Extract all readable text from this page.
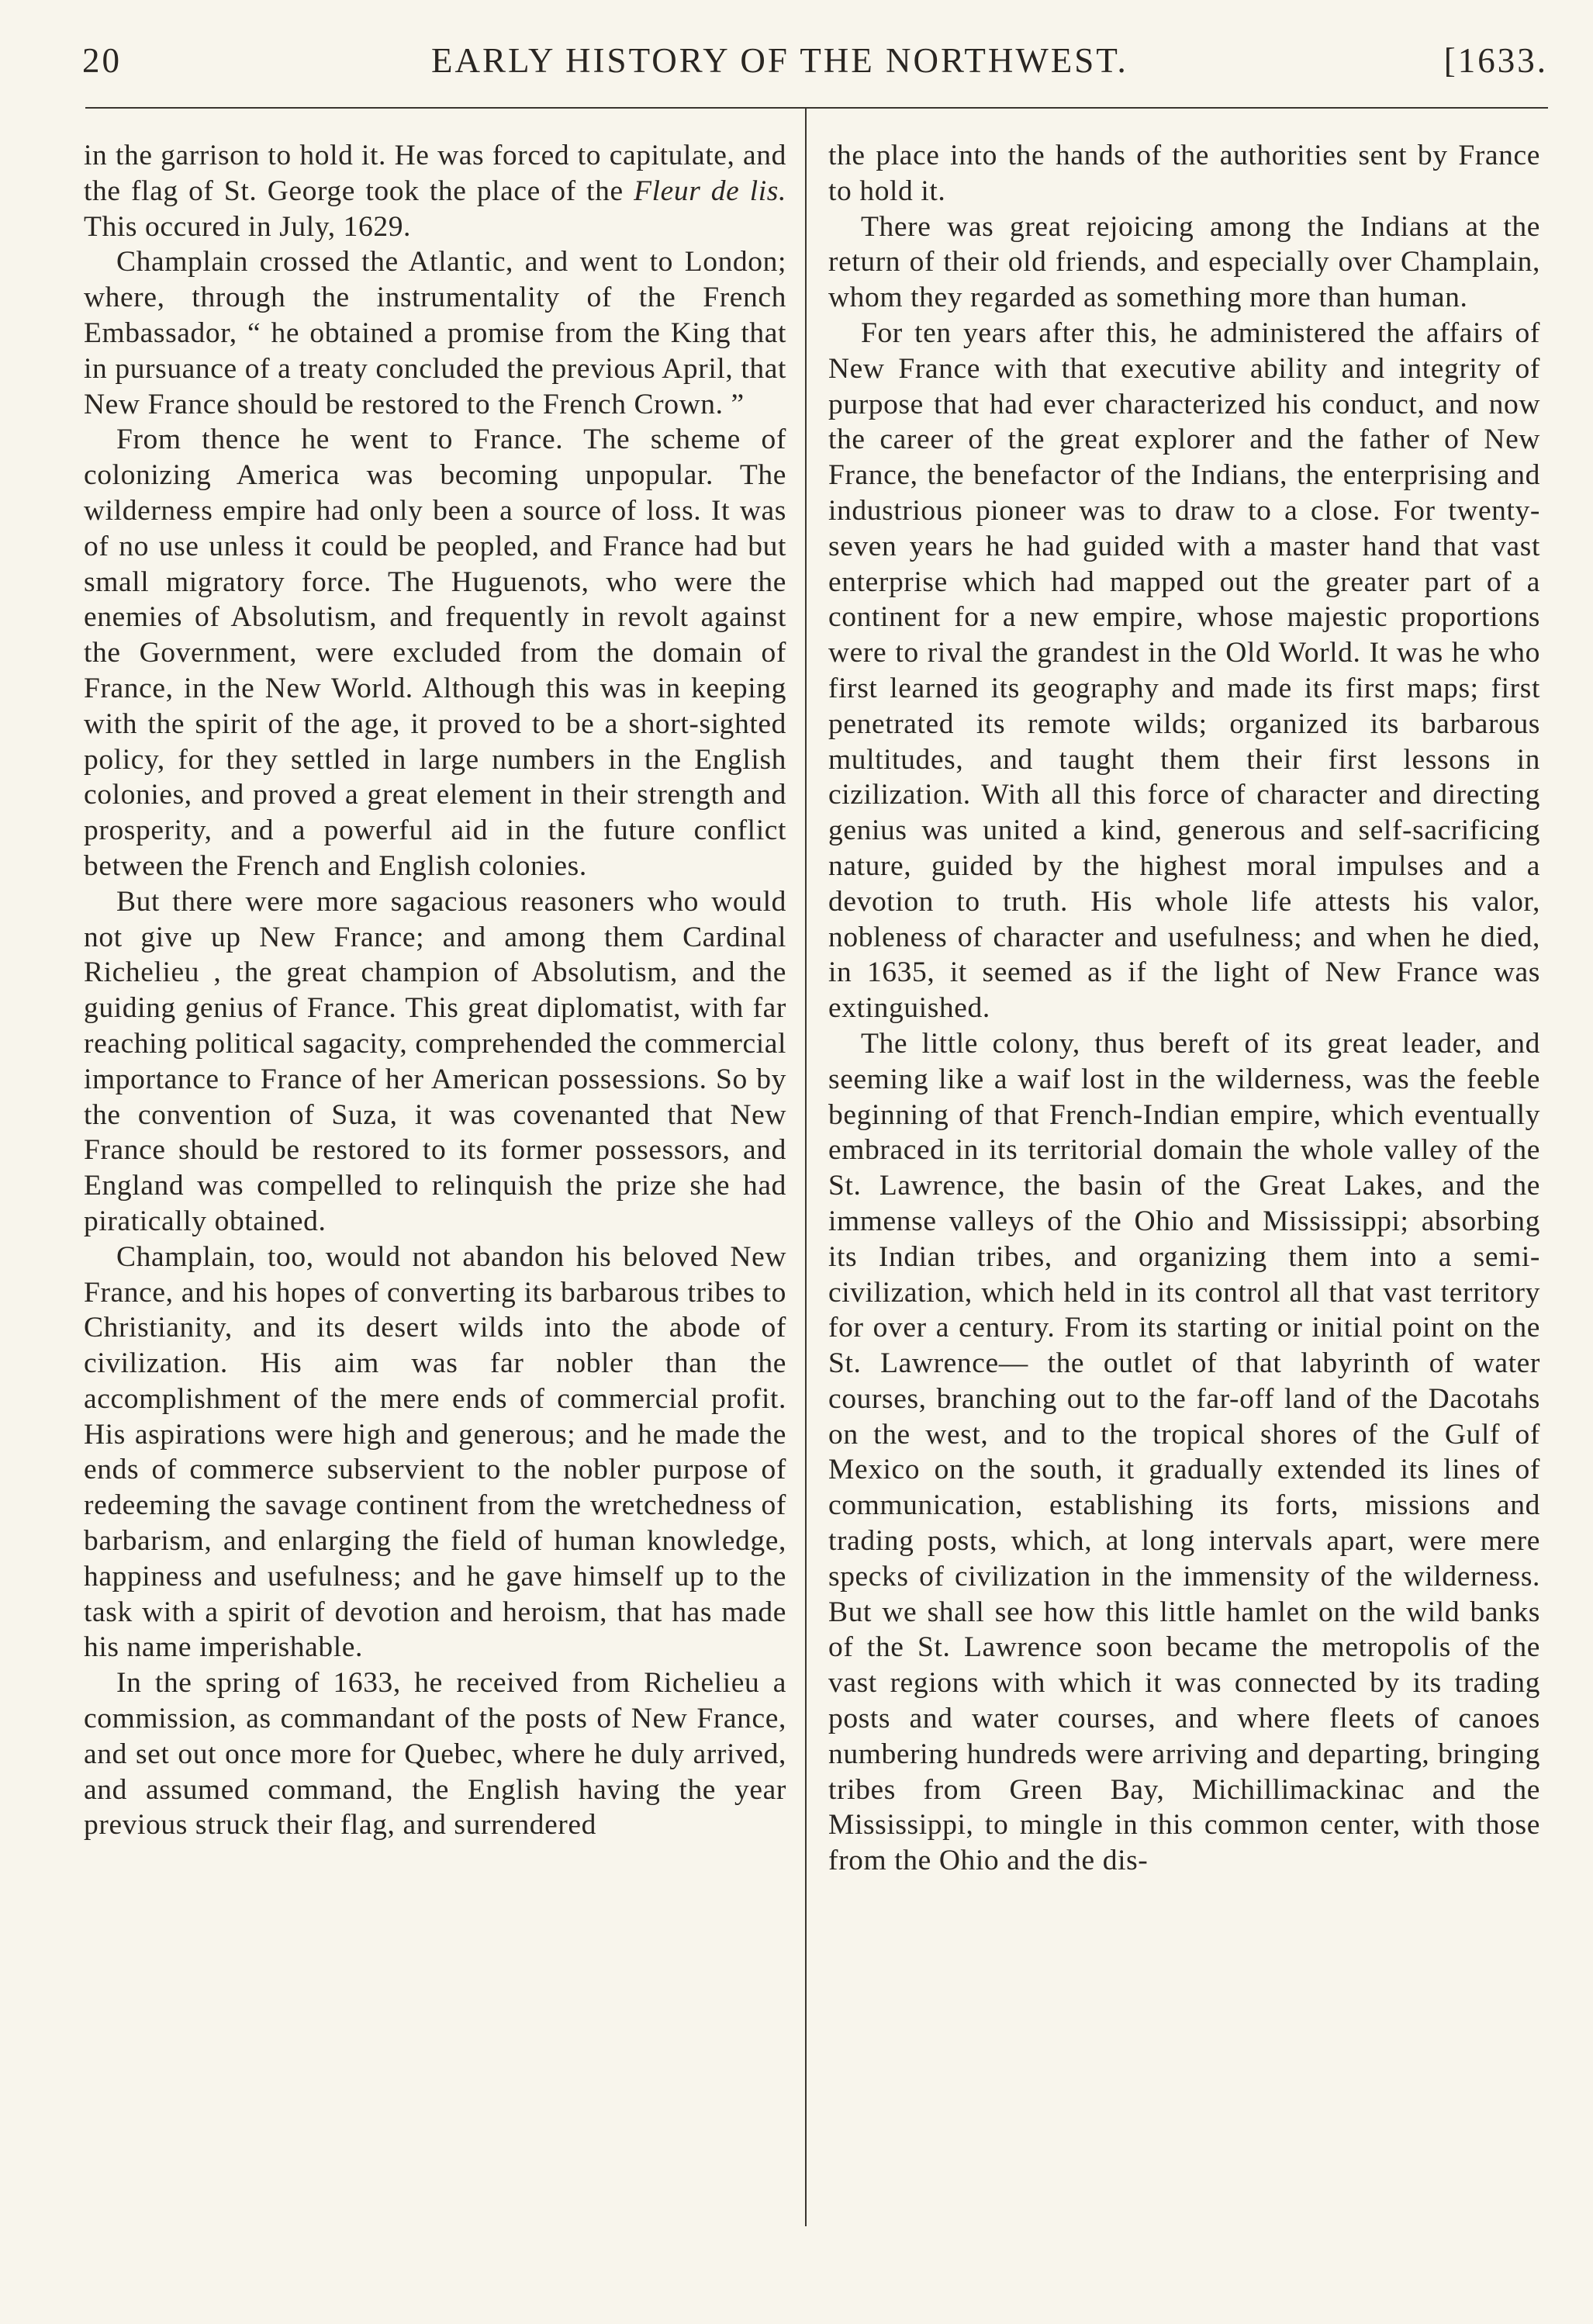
20	EARLY HISTORY OF THE NORTHWEST.	[1633.

in the garrison to hold it. He was forced to capitulate, and the flag of St. George took the place of the Fleur de lis. This occured in July, 1629.

Champlain crossed the Atlantic, and went to London; where, through the instrumentality of the French Embassador, “ he obtained a promise from the King that in pursuance of a treaty concluded the previous April, that New France should be restored to the French Crown. ”

From thence he went to France. The scheme of colonizing America was becoming unpopular. The wilderness empire had only been a source of loss. It was of no use unless it could be peopled, and France had but small migratory force. The Huguenots, who were the enemies of Absolutism, and frequently in revolt against the Government, were excluded from the domain of France, in the New World. Although this was in keeping with the spirit of the age, it proved to be a short-sighted policy, for they settled in large numbers in the English colonies, and proved a great element in their strength and prosperity, and a powerful aid in the future conflict between the French and English colonies.

But there were more sagacious reasoners who would not give up New France; and among them Cardinal Richelieu , the great champion of Absolutism, and the guiding genius of France. This great diplomatist, with far reaching political sagacity, comprehended the commercial importance to France of her American possessions. So by the convention of Suza, it was covenanted that New France should be restored to its former possessors, and England was compelled to relinquish the prize she had piratically obtained.

Champlain, too, would not abandon his beloved New France, and his hopes of converting its barbarous tribes to Christianity, and its desert wilds into the abode of civilization. His aim was far nobler than the accomplishment of the mere ends of commercial profit. His aspirations were high and generous; and he made the ends of commerce subservient to the nobler purpose of redeeming the savage continent from the wretchedness of barbarism, and enlarging the field of human knowledge, happiness and usefulness; and he gave himself up to the task with a spirit of devotion and heroism, that has made his name imperishable.

In the spring of 1633, he received from Richelieu a commission, as commandant of the posts of New France, and set out once more for Quebec, where he duly arrived, and assumed command, the English having the year previous struck their flag, and surrendered

the place into the hands of the authorities sent by France to hold it.

There was great rejoicing among the Indians at the return of their old friends, and especially over Champlain, whom they regarded as something more than human.

For ten years after this, he administered the affairs of New France with that executive ability and integrity of purpose that had ever characterized his conduct, and now the career of the great explorer and the father of New France, the benefactor of the Indians, the enterprising and industrious pioneer was to draw to a close. For twenty-seven years he had guided with a master hand that vast enterprise which had mapped out the greater part of a continent for a new empire, whose majestic proportions were to rival the grandest in the Old World. It was he who first learned its geography and made its first maps; first penetrated its remote wilds; organized its barbarous multitudes, and taught them their first lessons in cizilization. With all this force of character and directing genius was united a kind, generous and self-sacrificing nature, guided by the highest moral impulses and a devotion to truth. His whole life attests his valor, nobleness of character and usefulness; and when he died, in 1635, it seemed as if the light of New France was extinguished.

The little colony, thus bereft of its great leader, and seeming like a waif lost in the wilderness, was the feeble beginning of that French-Indian empire, which eventually embraced in its territorial domain the whole valley of the St. Lawrence, the basin of the Great Lakes, and the immense valleys of the Ohio and Mississippi; absorbing its Indian tribes, and organizing them into a semi-civilization, which held in its control all that vast territory for over a century. From its starting or initial point on the St. Lawrence— the outlet of that labyrinth of water courses, branching out to the far-off land of the Dacotahs on the west, and to the tropical shores of the Gulf of Mexico on the south, it gradually extended its lines of communication, establishing its forts, missions and trading posts, which, at long intervals apart, were mere specks of civilization in the immensity of the wilderness. But we shall see how this little hamlet on the wild banks of the St. Lawrence soon became the metropolis of the vast regions with which it was connected by its trading posts and water courses, and where fleets of canoes numbering hundreds were arriving and departing, bringing tribes from Green Bay, Michillimackinac and the Mississippi, to mingle in this common center, with those from the Ohio and the dis-
